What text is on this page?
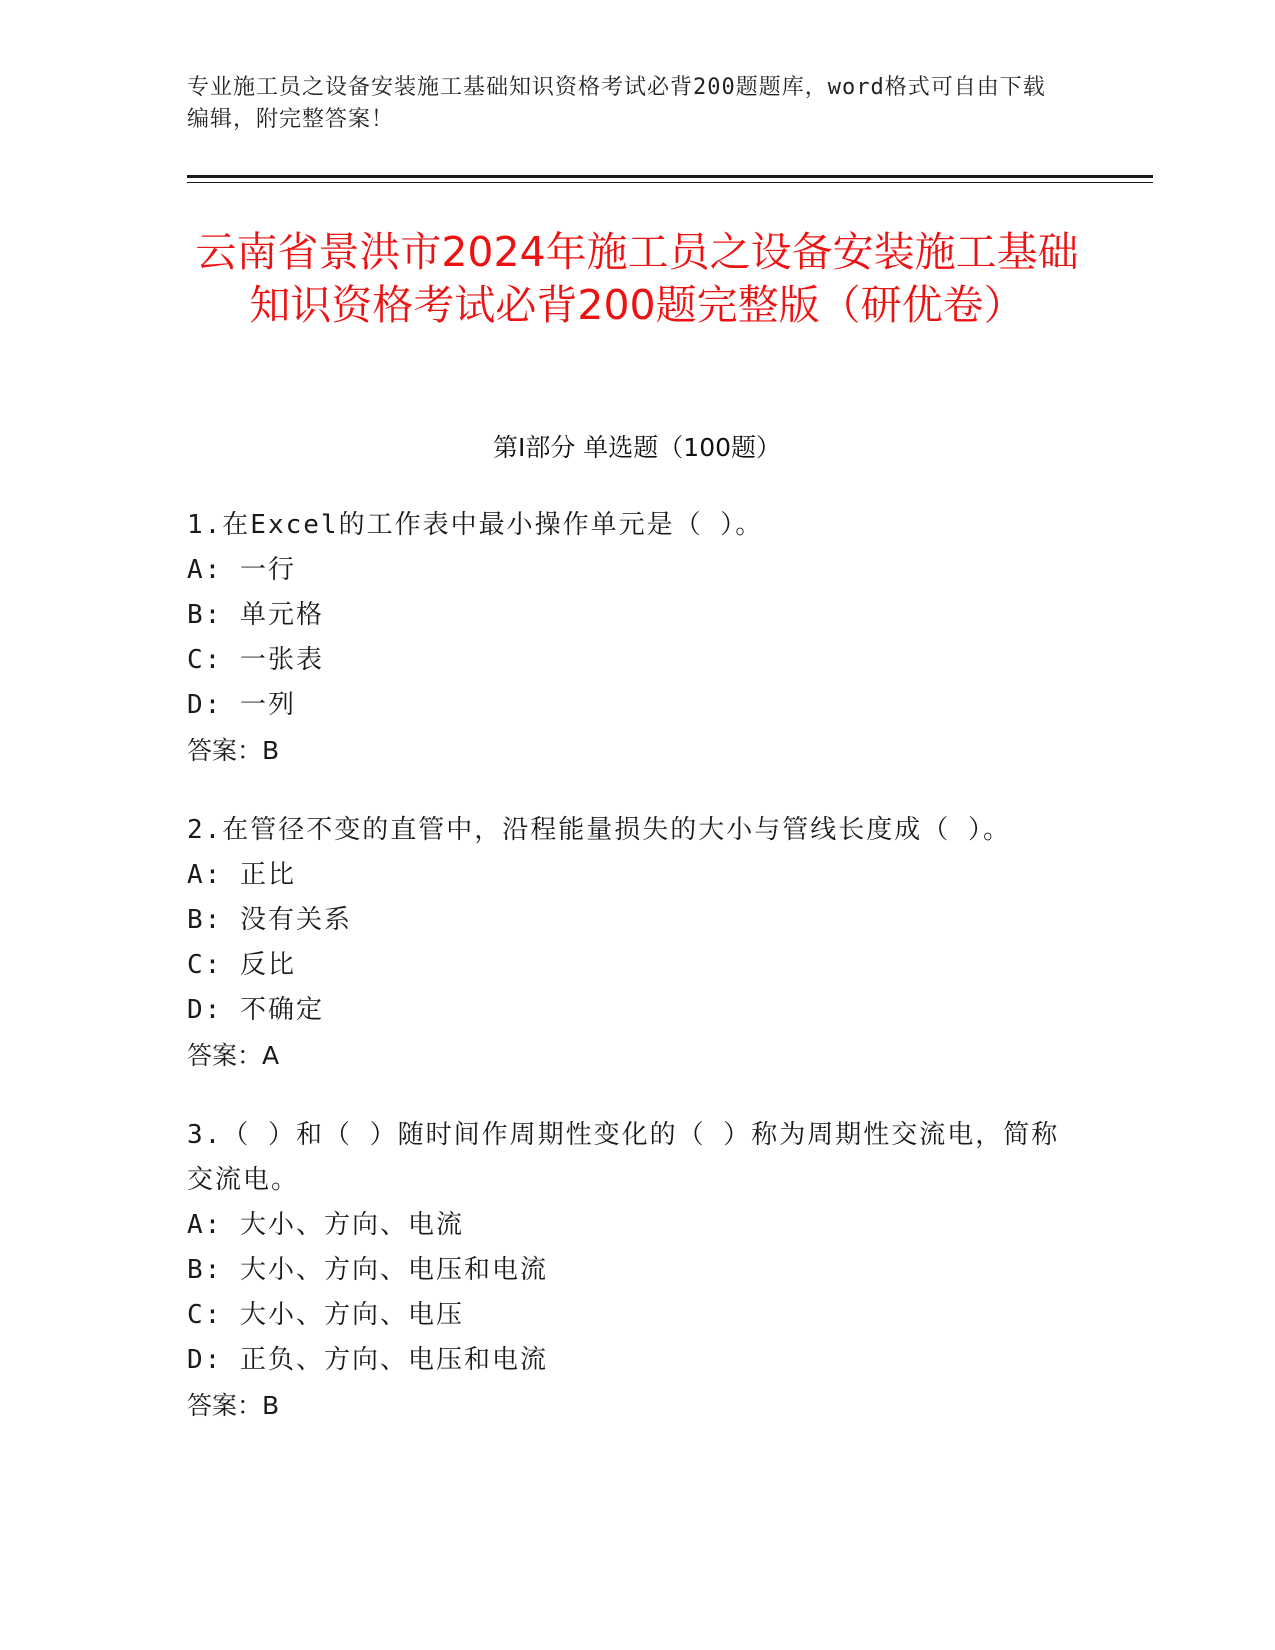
专业施工员之设备安装施工基础知识资格考试必背200题题库，word格式可自由下载编辑，附完整答案！
云南省景洪市2024年施工员之设备安装施工基础知识资格考试必背200题完整版（研优卷）
第I部分 单选题（100题）
1.在Excel的工作表中最小操作单元是（ ）。
A: 一行
B: 单元格
C: 一张表
D: 一列
答案：B
2.在管径不变的直管中，沿程能量损失的大小与管线长度成（ ）。
A: 正比
B: 没有关系
C: 反比
D: 不确定
答案：A
3.（ ）和（ ）随时间作周期性变化的（ ）称为周期性交流电，简称交流电。
A: 大小、方向、电流
B: 大小、方向、电压和电流
C: 大小、方向、电压
D: 正负、方向、电压和电流
答案：B
